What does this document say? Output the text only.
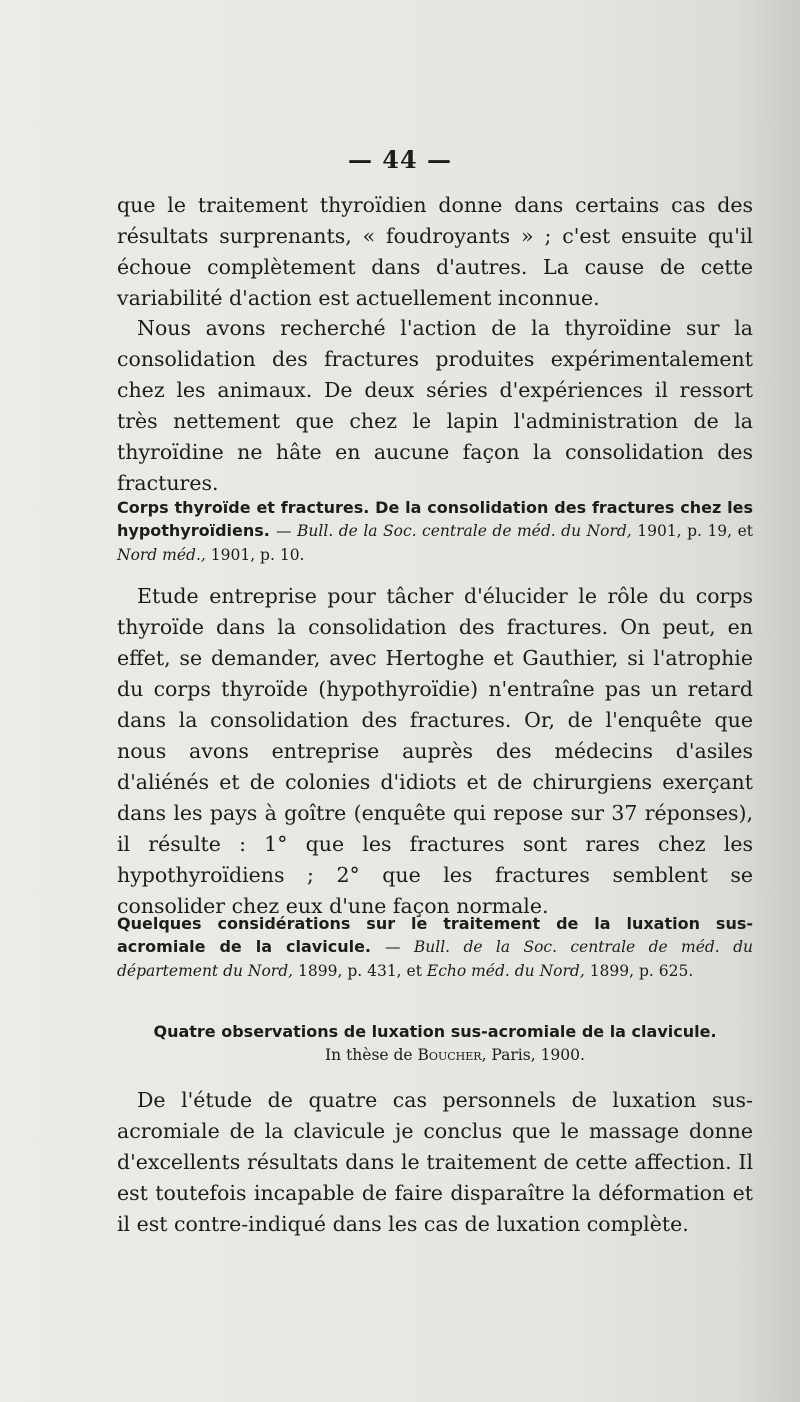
— 44 —

que le traitement thyroïdien donne dans certains cas des résultats surprenants, « foudroyants » ; c'est ensuite qu'il échoue complètement dans d'autres. La cause de cette variabilité d'action est actuellement inconnue.

Nous avons recherché l'action de la thyroïdine sur la consolidation des fractures produites expérimentalement chez les animaux. De deux séries d'expériences il ressort très nettement que chez le lapin l'administration de la thyroïdine ne hâte en aucune façon la consolidation des fractures.

Corps thyroïde et fractures. De la consolidation des fractures chez les hypothyroïdiens. — Bull. de la Soc. centrale de méd. du Nord, 1901, p. 19, et Nord méd., 1901, p. 10.

Etude entreprise pour tâcher d'élucider le rôle du corps thyroïde dans la consolidation des fractures. On peut, en effet, se demander, avec Hertoghe et Gauthier, si l'atrophie du corps thyroïde (hypothyroïdie) n'entraîne pas un retard dans la consolidation des fractures. Or, de l'enquête que nous avons entreprise auprès des médecins d'asiles d'aliénés et de colonies d'idiots et de chirurgiens exerçant dans les pays à goître (enquête qui repose sur 37 réponses), il résulte : 1° que les fractures sont rares chez les hypothyroïdiens ; 2° que les fractures semblent se consolider chez eux d'une façon normale.

Quelques considérations sur le traitement de la luxation sus-acromiale de la clavicule. — Bull. de la Soc. centrale de méd. du département du Nord, 1899, p. 431, et Echo méd. du Nord, 1899, p. 625.

Quatre observations de luxation sus-acromiale de la clavicule.

In thèse de Boucher, Paris, 1900.

De l'étude de quatre cas personnels de luxation sus-acromiale de la clavicule je conclus que le massage donne d'excellents résultats dans le traitement de cette affection. Il est toutefois incapable de faire disparaître la déformation et il est contre-indiqué dans les cas de luxation complète.
